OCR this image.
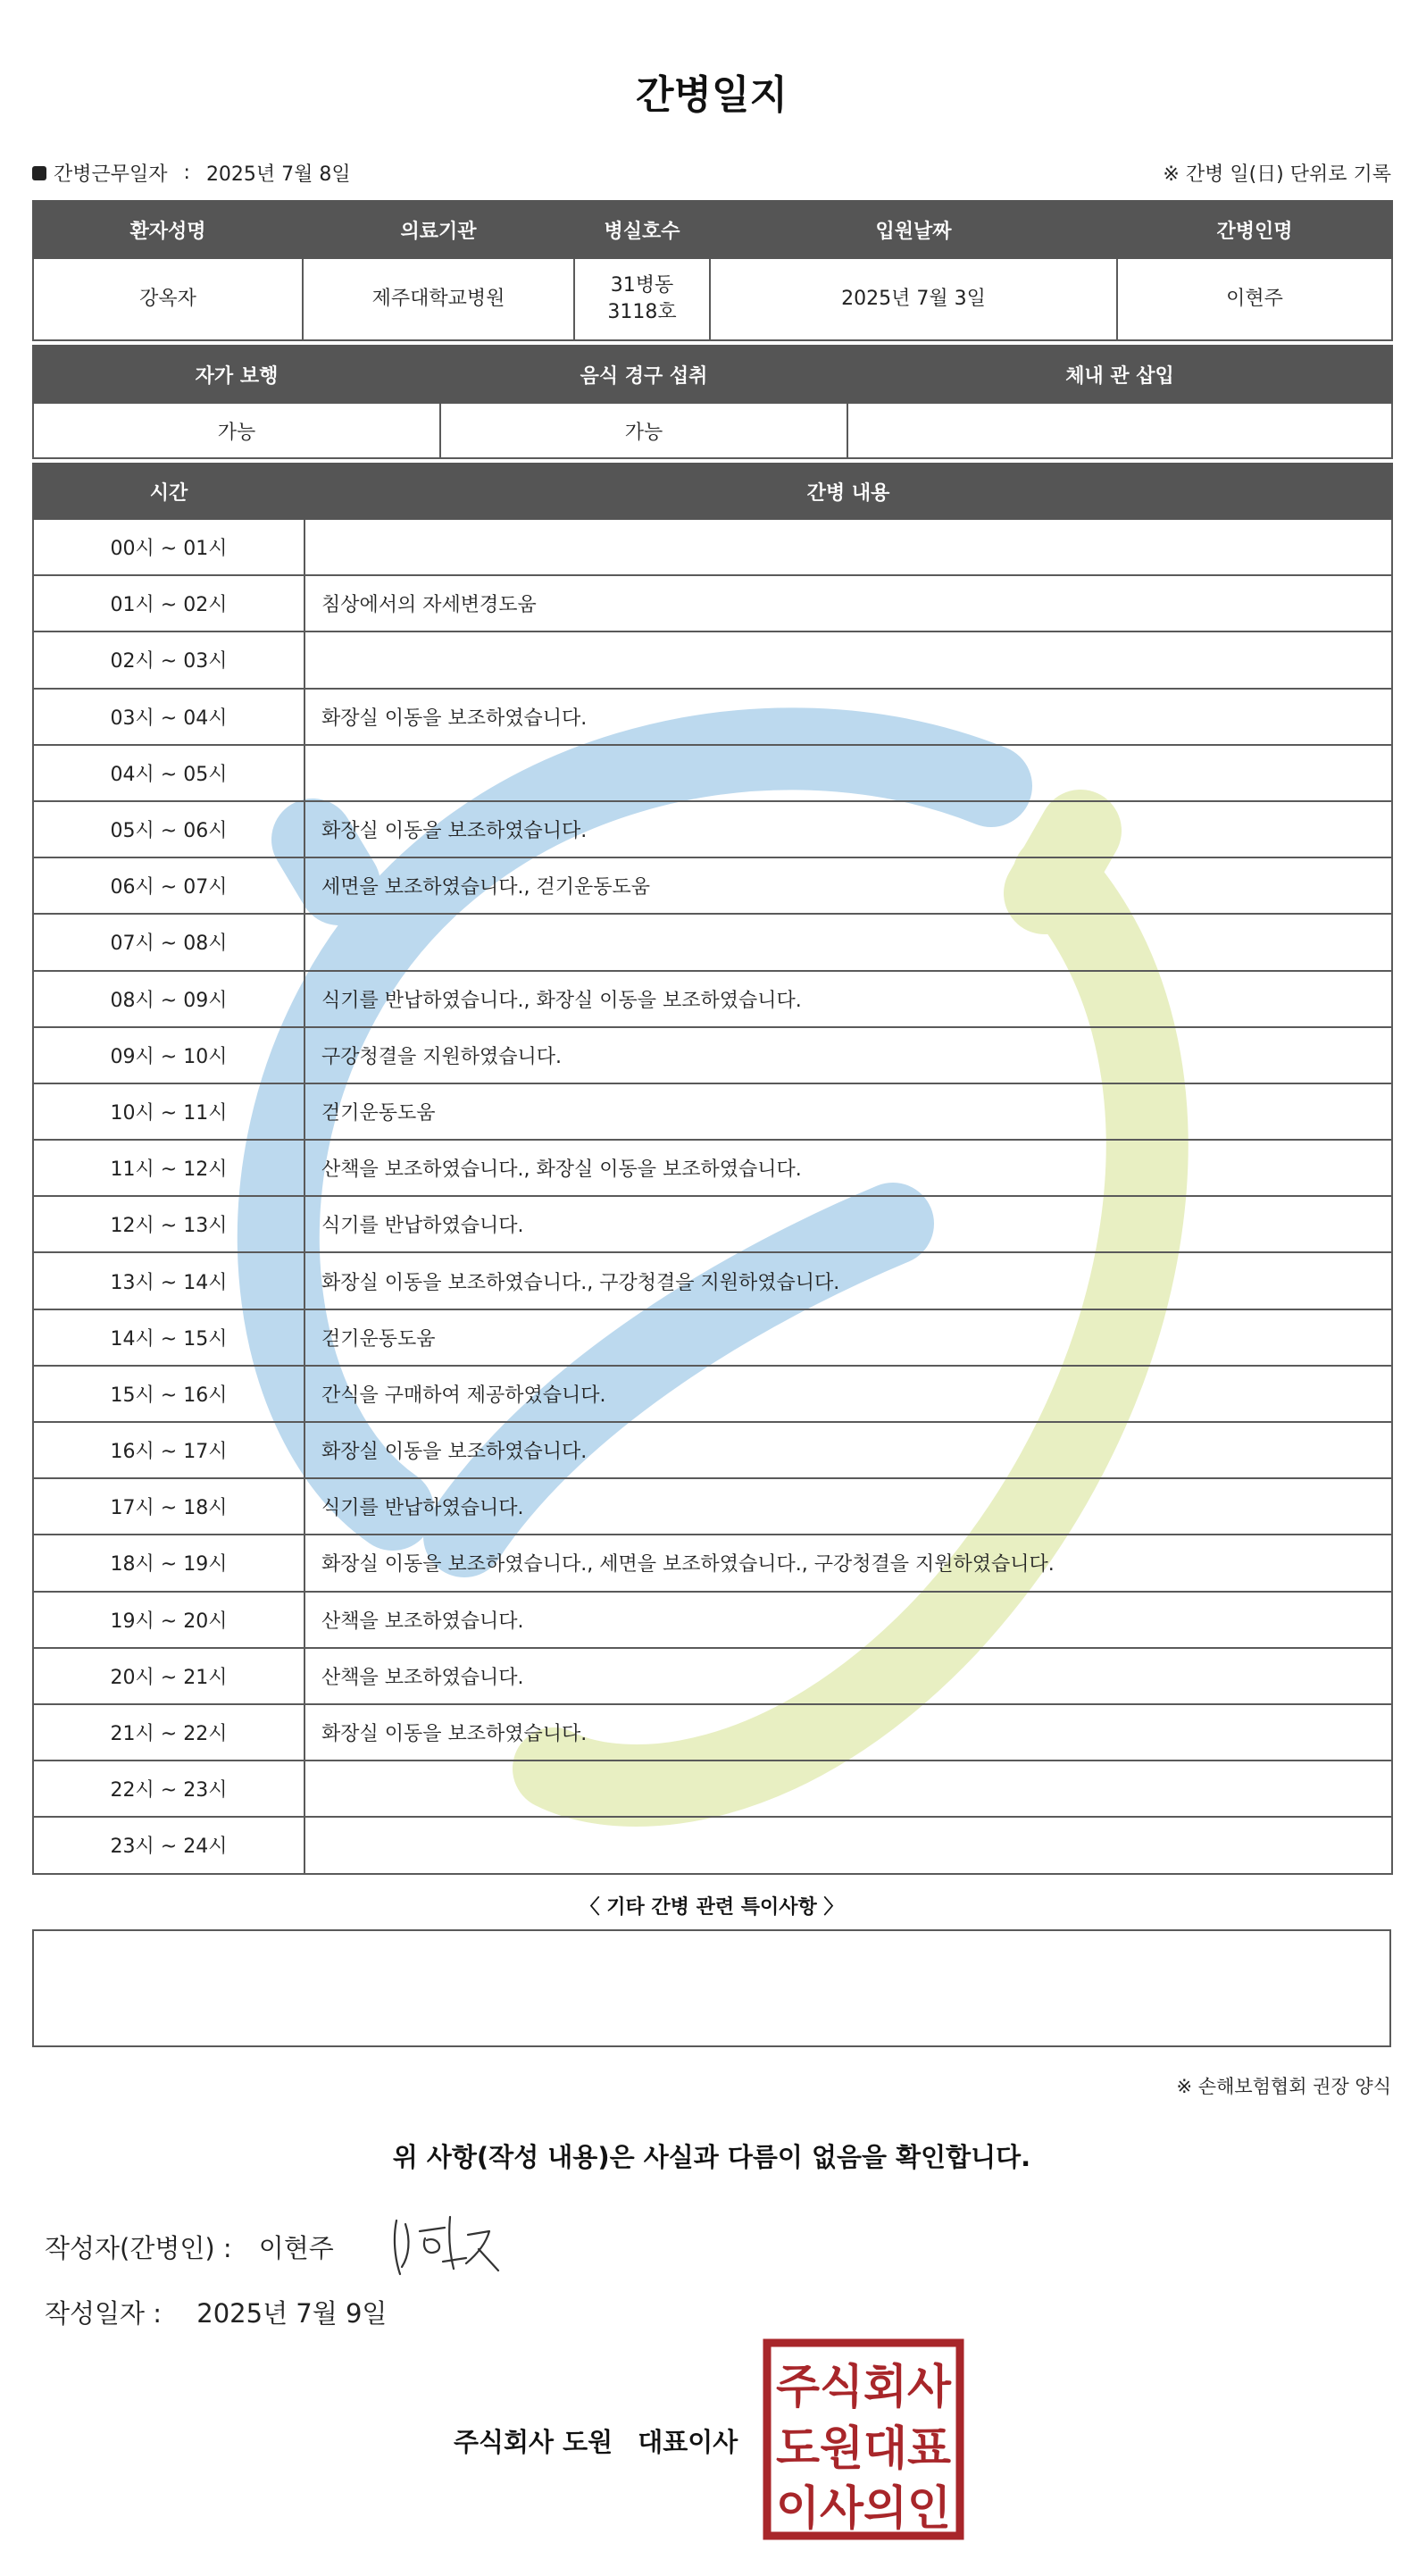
간병일지
간병근무일자 : 2025년 7월 8일	※ 간병 일(日) 단위로 기록
환자성명	의료기관	병실호수	입원날짜	간병인명
강옥자	제주대학교병원	31병동3118호	2025년 7월 3일	이현주
자가 보행	음식 경구 섭취	체내 관 삽입
가능	가능	
시간	간병 내용
00시 ~ 01시	
01시 ~ 02시	침상에서의 자세변경도움
02시 ~ 03시	
03시 ~ 04시	화장실 이동을 보조하였습니다.
04시 ~ 05시	
05시 ~ 06시	화장실 이동을 보조하였습니다.
06시 ~ 07시	세면을 보조하였습니다., 걷기운동도움
07시 ~ 08시	
08시 ~ 09시	식기를 반납하였습니다., 화장실 이동을 보조하였습니다.
09시 ~ 10시	구강청결을 지원하였습니다.
10시 ~ 11시	걷기운동도움
11시 ~ 12시	산책을 보조하였습니다., 화장실 이동을 보조하였습니다.
12시 ~ 13시	식기를 반납하였습니다.
13시 ~ 14시	화장실 이동을 보조하였습니다., 구강청결을 지원하였습니다.
14시 ~ 15시	걷기운동도움
15시 ~ 16시	간식을 구매하여 제공하였습니다.
16시 ~ 17시	화장실 이동을 보조하였습니다.
17시 ~ 18시	식기를 반납하였습니다.
18시 ~ 19시	화장실 이동을 보조하였습니다., 세면을 보조하였습니다., 구강청결을 지원하였습니다.
19시 ~ 20시	산책을 보조하였습니다.
20시 ~ 21시	산책을 보조하였습니다.
21시 ~ 22시	화장실 이동을 보조하였습니다.
22시 ~ 23시	
23시 ~ 24시	
〈 기타 간병 관련 특이사항 〉
※ 손해보험협회 권장 양식
위 사항(작성 내용)은 사실과 다름이 없음을 확인합니다.
작성자(간병인) : 이현주
작성일자 : 2025년 7월 9일
주식회사 도원 대표이사
주식회사
도원대표
이사의인
